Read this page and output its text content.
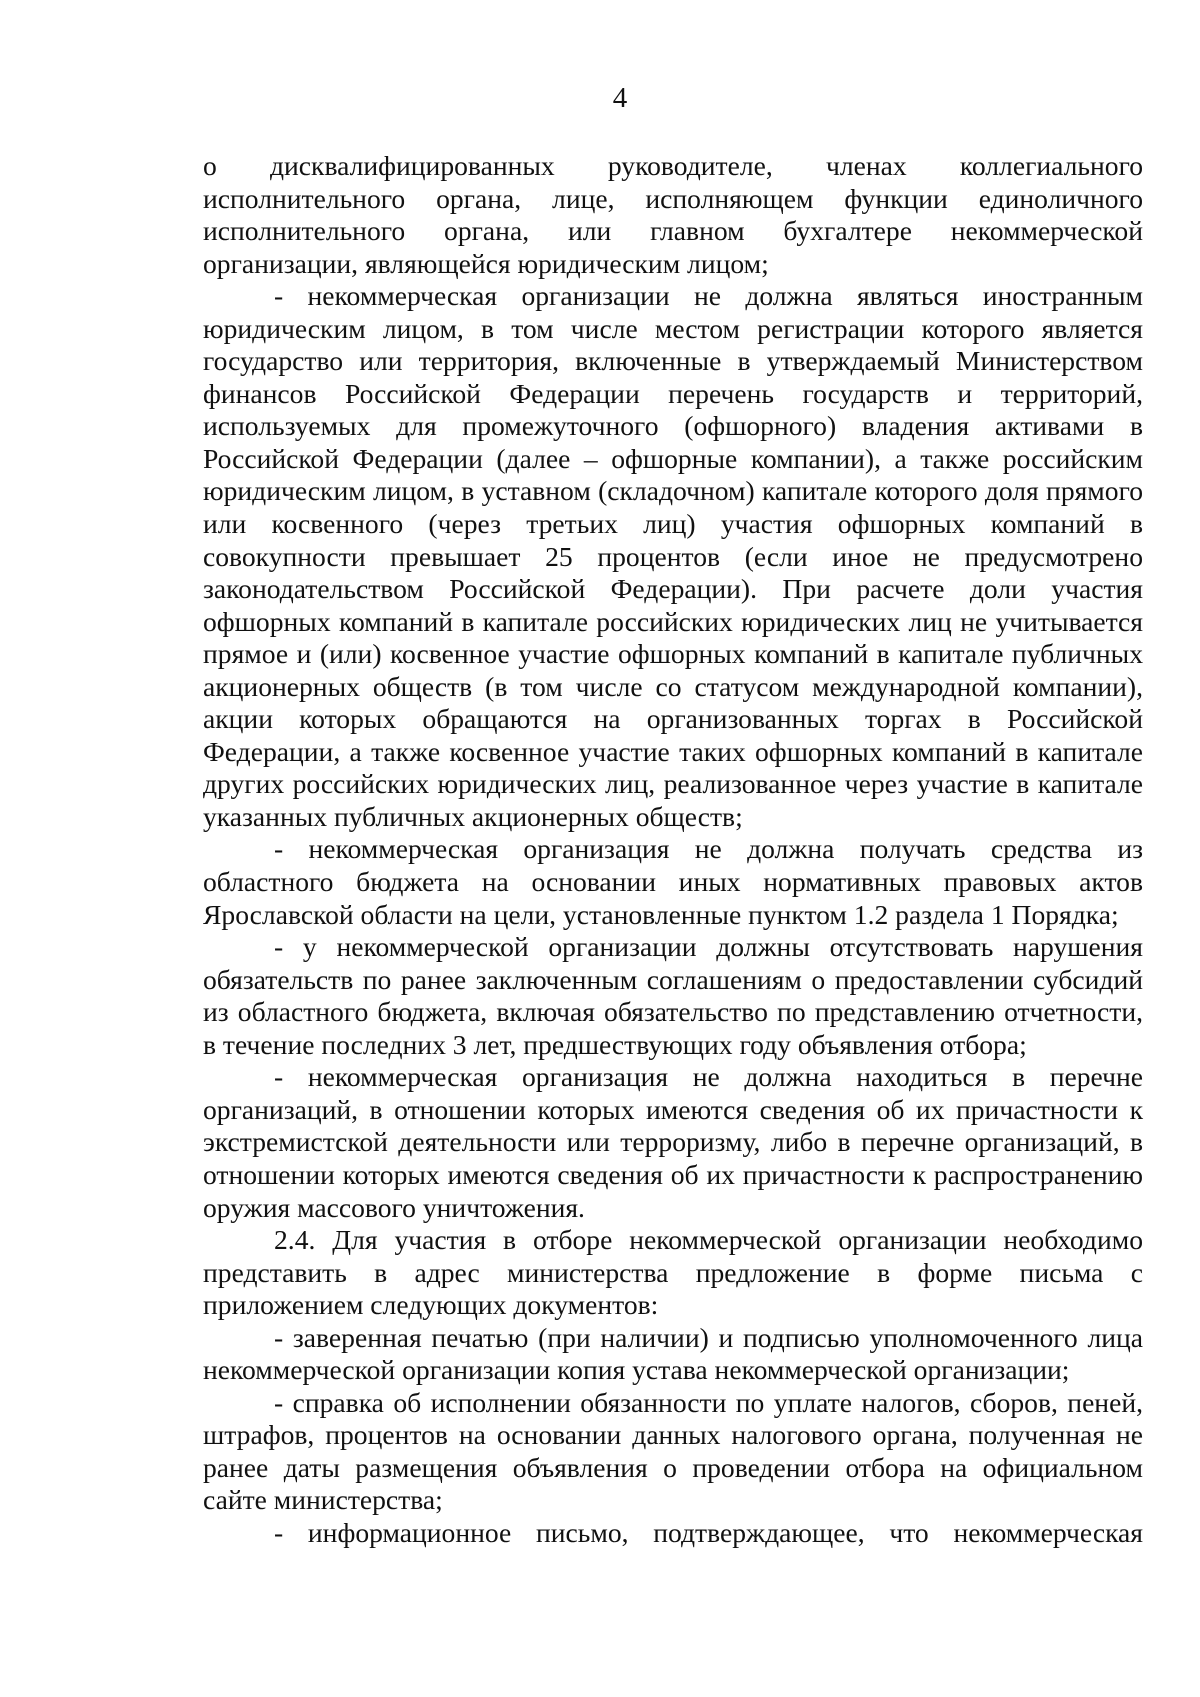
4

о дисквалифицированных руководителе, членах коллегиального исполнительного органа, лице, исполняющем функции единоличного исполнительного органа, или главном бухгалтере некоммерческой организации, являющейся юридическим лицом;

- некоммерческая организации не должна являться иностранным юридическим лицом, в том числе местом регистрации которого является государство или территория, включенные в утверждаемый Министерством финансов Российской Федерации перечень государств и территорий, используемых для промежуточного (офшорного) владения активами в Российской Федерации (далее – офшорные компании), а также российским юридическим лицом, в уставном (складочном) капитале которого доля прямого или косвенного (через третьих лиц) участия офшорных компаний в совокупности превышает 25 процентов (если иное не предусмотрено законодательством Российской Федерации). При расчете доли участия офшорных компаний в капитале российских юридических лиц не учитывается прямое и (или) косвенное участие офшорных компаний в капитале публичных акционерных обществ (в том числе со статусом международной компании), акции которых обращаются на организованных торгах в Российской Федерации, а также косвенное участие таких офшорных компаний в капитале других российских юридических лиц, реализованное через участие в капитале указанных публичных акционерных обществ;

- некоммерческая организация не должна получать средства из областного бюджета на основании иных нормативных правовых актов Ярославской области на цели, установленные пунктом 1.2 раздела 1 Порядка;

- у некоммерческой организации должны отсутствовать нарушения обязательств по ранее заключенным соглашениям о предоставлении субсидий из областного бюджета, включая обязательство по представлению отчетности, в течение последних 3 лет, предшествующих году объявления отбора;

- некоммерческая организация не должна находиться в перечне организаций, в отношении которых имеются сведения об их причастности к экстремистской деятельности или терроризму, либо в перечне организаций, в отношении которых имеются сведения об их причастности к распространению оружия массового уничтожения.

2.4. Для участия в отборе некоммерческой организации необходимо представить в адрес министерства предложение в форме письма с приложением следующих документов:

- заверенная печатью (при наличии) и подписью уполномоченного лица некоммерческой организации копия устава некоммерческой организации;

- справка об исполнении обязанности по уплате налогов, сборов, пеней, штрафов, процентов на основании данных налогового органа, полученная не ранее даты размещения объявления о проведении отбора на официальном сайте министерства;

- информационное письмо, подтверждающее, что некоммерческая
